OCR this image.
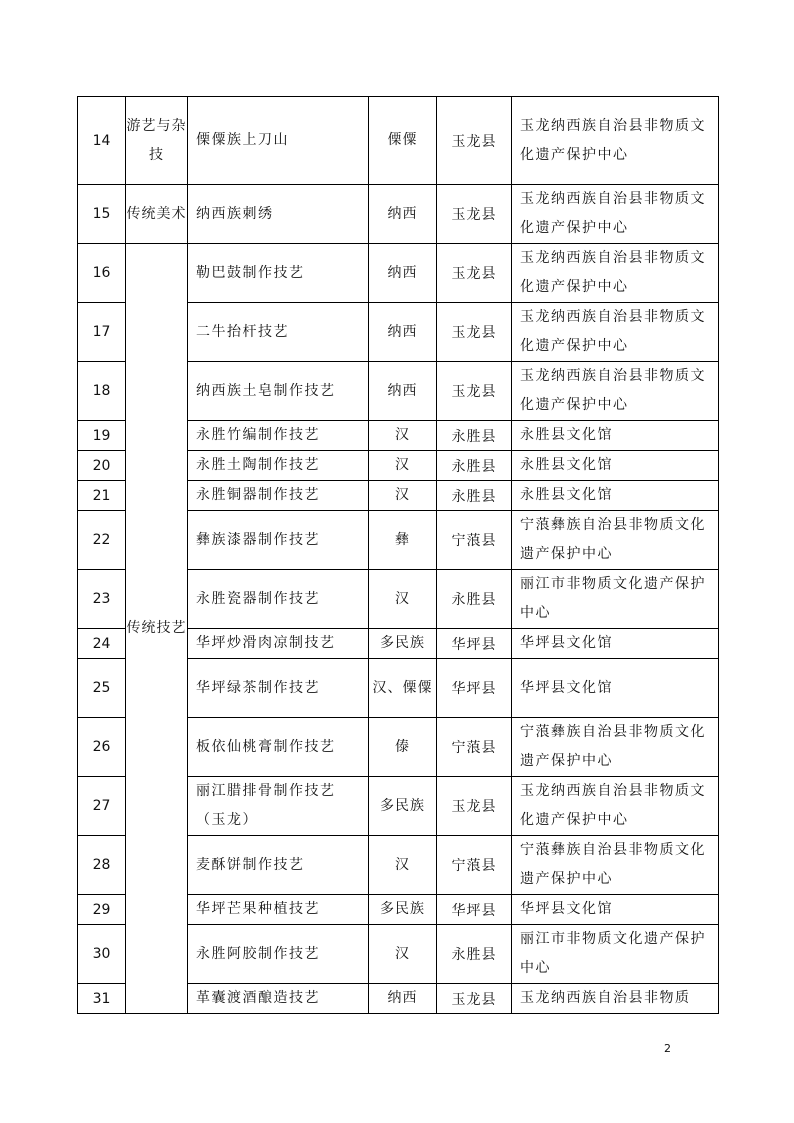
14	游艺与杂技	傈僳族上刀山	傈僳	玉龙县	玉龙纳西族自治县非物质文化遗产保护中心
15	传统美术	纳西族刺绣	纳西	玉龙县	玉龙纳西族自治县非物质文化遗产保护中心
16	传统技艺	勒巴鼓制作技艺	纳西	玉龙县	玉龙纳西族自治县非物质文化遗产保护中心
17		二牛抬杆技艺	纳西	玉龙县	玉龙纳西族自治县非物质文化遗产保护中心
18		纳西族土皂制作技艺	纳西	玉龙县	玉龙纳西族自治县非物质文化遗产保护中心
19		永胜竹编制作技艺	汉	永胜县	永胜县文化馆
20		永胜土陶制作技艺	汉	永胜县	永胜县文化馆
21		永胜铜器制作技艺	汉	永胜县	永胜县文化馆
22		彝族漆器制作技艺	彝	宁蒗县	宁蒗彝族自治县非物质文化遗产保护中心
23		永胜瓷器制作技艺	汉	永胜县	丽江市非物质文化遗产保护中心
24		华坪炒滑肉凉制技艺	多民族	华坪县	华坪县文化馆
25		华坪绿茶制作技艺	汉、傈僳	华坪县	华坪县文化馆
26		板依仙桃膏制作技艺	傣	宁蒗县	宁蒗彝族自治县非物质文化遗产保护中心
27		丽江腊排骨制作技艺（玉龙）	多民族	玉龙县	玉龙纳西族自治县非物质文化遗产保护中心
28		麦酥饼制作技艺	汉	宁蒗县	宁蒗彝族自治县非物质文化遗产保护中心
29		华坪芒果种植技艺	多民族	华坪县	华坪县文化馆
30		永胜阿胶制作技艺	汉	永胜县	丽江市非物质文化遗产保护中心
31		革囊渡酒酿造技艺	纳西	玉龙县	玉龙纳西族自治县非物质
2
